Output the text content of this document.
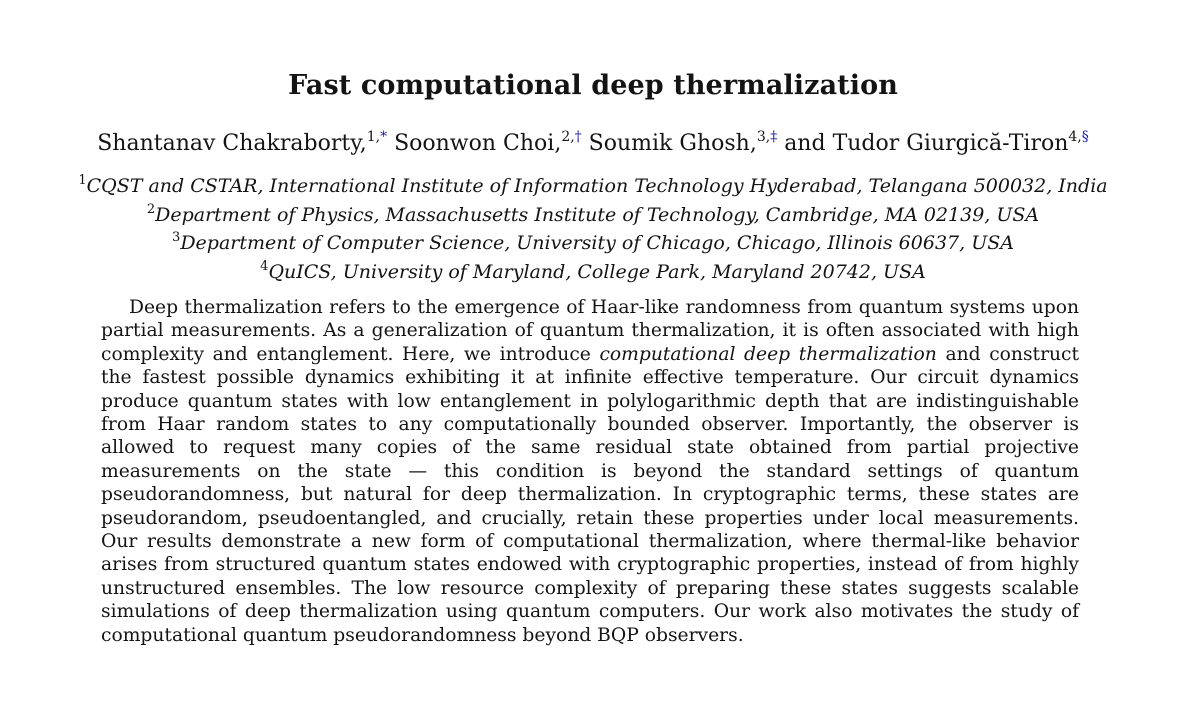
Fast computational deep thermalization
Shantanav Chakraborty,$^{1,*}$ Soonwon Choi,$^{2,\dagger}$ Soumik Ghosh,$^{3,\ddagger}$ and Tudor Giurgică-Tiron$^{4,\S}$
$^1$CQST and CSTAR, International Institute of Information Technology Hyderabad, Telangana 500032, India
$^2$Department of Physics, Massachusetts Institute of Technology, Cambridge, MA 02139, USA
$^3$Department of Computer Science, University of Chicago, Chicago, Illinois 60637, USA
$^4$QuICS, University of Maryland, College Park, Maryland 20742, USA
Deep thermalization refers to the emergence of Haar-like randomness from quantum systems upon partial measurements. As a generalization of quantum thermalization, it is often associated with high complexity and entanglement. Here, we introduce computational deep thermalization and construct the fastest possible dynamics exhibiting it at infinite effective temperature. Our circuit dynamics produce quantum states with low entanglement in polylogarithmic depth that are indistinguishable from Haar random states to any computationally bounded observer. Importantly, the observer is allowed to request many copies of the same residual state obtained from partial projective measurements on the state — this condition is beyond the standard settings of quantum pseudorandomness, but natural for deep thermalization. In cryptographic terms, these states are pseudorandom, pseudoentangled, and crucially, retain these properties under local measurements. Our results demonstrate a new form of computational thermalization, where thermal-like behavior arises from structured quantum states endowed with cryptographic properties, instead of from highly unstructured ensembles. The low resource complexity of preparing these states suggests scalable simulations of deep thermalization using quantum computers. Our work also motivates the study of computational quantum pseudorandomness beyond BQP observers.
